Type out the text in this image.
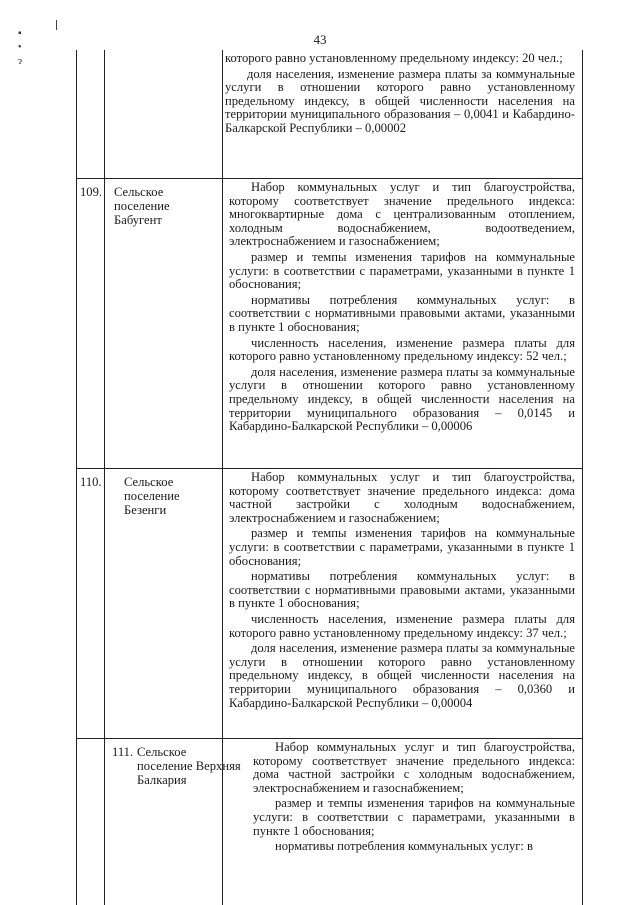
43
▪
•
ɂ	которого равно установленному предельному индексу: 20 чел.;

доля населения, изменение размера платы за коммунальные услуги в отношении которого равно установленному предельному индексу, в общей численности населения на территории муниципального образования – 0,0041 и Кабардино-Балкарской Республики – 0,00002

109. Сельское поселение Бабугент

Набор коммунальных услуг и тип благоустройства, которому соответствует значение предельного индекса: многоквартирные дома с централизованным отоплением, холодным водоснабжением, водоотведением, электроснабжением и газоснабжением;

размер и темпы изменения тарифов на коммунальные услуги: в соответствии с параметрами, указанными в пункте 1 обоснования;

нормативы потребления коммунальных услуг: в соответствии с нормативными правовыми актами, указанными в пункте 1 обоснования;

численность населения, изменение размера платы для которого равно установленному предельному индексу: 52 чел.;

доля населения, изменение размера платы за коммунальные услуги в отношении которого равно установленному предельному индексу, в общей численности населения на территории муниципального образования – 0,0145 и Кабардино-Балкарской Республики – 0,00006

110. Сельское поселение Безенги

Набор коммунальных услуг и тип благоустройства, которому соответствует значение предельного индекса: дома частной застройки с холодным водоснабжением, электроснабжением и газоснабжением;

размер и темпы изменения тарифов на коммунальные услуги: в соответствии с параметрами, указанными в пункте 1 обоснования;

нормативы потребления коммунальных услуг: в соответствии с нормативными правовыми актами, указанными в пункте 1 обоснования;

численность населения, изменение размера платы для которого равно установленному предельному индексу: 37 чел.;

доля населения, изменение размера платы за коммунальные услуги в отношении которого равно установленному предельному индексу, в общей численности населения на территории муниципального образования – 0,0360 и Кабардино-Балкарской Республики – 0,00004

111. Сельское поселение Верхняя Балкария

Набор коммунальных услуг и тип благоустройства, которому соответствует значение предельного индекса: дома частной застройки с холодным водоснабжением, электроснабжением и газоснабжением;

размер и темпы изменения тарифов на коммунальные услуги: в соответствии с параметрами, указанными в пункте 1 обоснования;

нормативы потребления коммунальных услуг: в
